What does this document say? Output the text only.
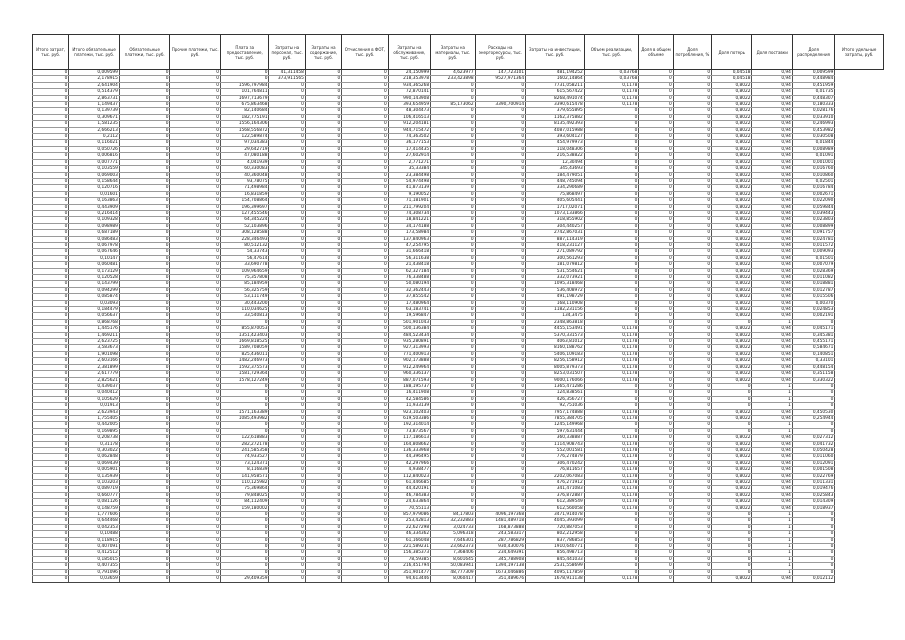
Итого затрат, тыс. руб.	Итого обязательные платежи, тыс. руб.	Обязательные платежи, тыс. руб.	Прочие платежи, тыс. руб.	Плата за предоставление, тыс. руб.	Затраты на персонал, тыс. руб.	Затраты на содержание, тыс. руб.	Отчисления в ФОТ, тыс. руб.	Затраты на обслуживание, тыс. руб.	Затраты на материалы, тыс. руб.	Расходы на энергоресурсы, тыс. руб.	Затраты на инвестиции, тыс. руб.	Объем реализации, тыс. руб.	Доля в общем объеме	Доля потребления, %	Доля потерь	Доля поставки	Доля распределения	Итого удельные затраты, руб.
0	0,009599	0	0	0	41,311458	0	0	24,150999	4,623977	147,723101	481,194252	0,03768	0	0	0,04518	0,94	0,009599	
0	2,178915	0	0	0	373,911565	0	0	218,353978	233,423898	9527,971364	1602,14864	0,03768	0	0	0,04518	0,94	0,448984	
0	2,641904	0	0	1596,797984	0	0	0	934,365268	0	0	7731,058211	0,1178	0	0	0,8022	0,94	0,451959	
0	0,514379	0	0	101,764811	0	0	0	72,870141	0	0	615,567422	0,1178	0	0	0,8022	0,94	0,01735	
0	2,863731	0	0	1697,713679	0	0	0	990,143908	0	0	8268,491074	0,1178	0	0	0,8022	0,94	0,448307	
0	1,149437	0	0	675,863468	0	0	0	393,654959	85,173062	3390,700914	3390,615478	0,1178	0	0	0,8022	0,94	0,180333	
0	0,139739	0	0	82,140684	0	0	0	48,304473	0	0	379,655895	0	0	0	0,8022	0,94	0,028176	
0	0,309671	0	0	182,775191	0	0	0	106,416513	0	0	1162,375882	0	0	0	0,8022	0,94	0,033910	
0	1,581235	0	0	1556,164306	0	0	0	912,204181	0	0	8135,492393	0	0	0	0,8022	0,94	0,246993	
0	2,666213	0	0	1568,556872	0	0	0	944,715472	0	0	4087,015988	0	0	0	0,8022	0,94	0,453982	
0	0,2112	0	0	122,589874	0	0	0	74,363502	0	0	393,604127	0	0	0	0,8022	0,94	0,030508	
0	0,116021	0	0	97,034383	0	0	0	36,177153	0	0	454,979973	0	0	0	0,8022	0,94	0,01844	
0	0,050726	0	0	29,642719	0	0	0	17,414435	0	0	118,048306	0	0	0	0,8022	0,94	0,008989	
0	0,006816	0	0	47,080188	0	0	0	27,602914	0	0	216,538822	0	0	0	0,8022	0,94	0,01091	
0	0,007771	0	0	4,041939	0	0	0	2,771271	0	0	12,30494	0	0	0	0,8022	0,94	0,001001	
0	0,103559	0	0	60,330083	0	0	0	35,33384	0	0	345,43693	0	0	0	0,8022	0,94	0,016760	
0	0,069003	0	0	40,360048	0	0	0	23,384498	0	0	184,479051	0	0	0	0,8022	0,94	0,010860	
0	0,158644	0	0	93,78075	0	0	0	54,974498	0	0	448,745094	0	0	0	0,8022	0,94	0,02501	
0	0,120716	0	0	71,498984	0	0	0	41,873139	0	0	334,290689	0	0	0	0,8022	0,94	0,016784	
0	0,01601	0	0	16,831859	0	0	0	9,190052	0	0	75,868497	0	0	0	0,8022	0,94	0,002671	
0	0,163863	0	0	154,708864	0	0	0	71,181901	0	0	405,605441	0	0	0	0,8022	0,94	0,022090	
0	0,443909	0	0	196,399697	0	0	0	211,799204	0	0	1717,02071	0	0	0	0,8022	0,94	0,059844	
0	0,216414	0	0	127,455546	0	0	0	74,308734	0	0	1073,133866	0	0	0	0,8022	0,94	0,039443	
0	0,109328	0	0	64,345224	0	0	0	18,841221	0	0	318,855902	0	0	0	0,8022	0,94	0,023803	
0	0,098989	0	0	52,103896	0	0	0	34,174188	0	0	304,440257	0	0	0	0,8022	0,94	0,008899	
0	0,687189	0	0	308,128588	0	0	0	173,58984	0	0	2742,867031	0	0	0	0,8022	0,94	0,091757	
0	0,086483	0	0	228,346493	0	0	0	137,840963	0	0	887,114319	0	0	0	0,8022	0,94	0,024781	
0	0,067978	0	0	80,512132	0	0	0	47,254795	0	0	418,231127	0	0	0	0,8022	0,94	0,011572	
0	0,067646	0	0	54,33743	0	0	0	31,666418	0	0	271,089792	0	0	0	0,8022	0,94	0,009093	
0	0,10147	0	0	56,47614	0	0	0	56,311638	0	0	300,561293	0	0	0	0,8022	0,94	0,01501	
0	0,060481	0	0	33,690778	0	0	0	21,438418	0	0	181,079812	0	0	0	0,8022	0,94	0,007079	
0	0,173129	0	0	109,964659	0	0	0	62,327184	0	0	531,554621	0	0	0	0,8022	0,94	0,028369	
0	0,120528	0	0	75,357808	0	0	0	76,338488	0	0	332,073921	0	0	0	0,8022	0,94	0,011082	
0	0,143799	0	0	85,184959	0	0	0	50,080194	0	0	1095,318468	0	0	0	0,8022	0,94	0,018881	
0	0,094299	0	0	56,325759	0	0	0	32,362443	0	0	536,408972	0	0	0	0,8022	0,94	0,012787	
0	0,085874	0	0	53,111749	0	0	0	37,855542	0	0	491,198729	0	0	0	0,8022	0,94	0,015506	
0	0,03093	0	0	30,443200	0	0	0	17,480964	0	0	168,110908	0	0	0	0,8022	0,94	0,00370	
0	0,184479	0	0	110,034625	0	0	0	63,183741	0	0	1182,231156	0	0	0	0,8022	0,94	0,024853	
0	0,056637	0	0	33,540813	0	0	0	19,596847	0	0	134,3475	0	0	0	0,8022	0,94	0,002191	
0	0,868768	0	0	0	0	0	0	501,901043	0	0	2348,863818	0	0	0	0	1	0	
0	1,445176	0	0	855,870053	0	0	0	500,136384	0	0	4455,153491	0,1178	0	0	0,8022	0,94	0,045171	
0	1,469211	0	0	1351,423403	0	0	0	484,523434	0	0	5370,331573	0,1178	0	0	0,8022	0,94	0,345381	
0	2,623725	0	0	1669,818525	0	0	0	935,280891	0	0	4063,81012	0,1178	0	0	0,8022	0,94	0,455171	
0	3,583673	0	0	1589,708059	0	0	0	927,313993	0	0	8160,188762	0,1178	0	0	0,8022	0,94	0,584671	
0	1,901098	0	0	825,436011	0	0	0	771,400913	0	0	5406,109183	0,1178	0	0	0,8022	0,94	0,140851	
0	2,603166	0	0	1482,246973	0	0	0	902,173888	0	0	8256,158912	0,1178	0	0	0,8022	0,94	0,33101	
0	2,381899	0	0	1592,375573	0	0	0	912,249964	0	0	8005,879373	0,1178	0	0	0,8022	0,94	0,448154	
0	2,617779	0	0	1581,729364	0	0	0	960,336137	0	0	8253,031507	0,1178	0	0	0,8022	0,94	0,351158	
0	2,825621	0	0	1578,127249	0	0	0	887,071593	0	0	9000,176066	0,1178	0	0	0,8022	0,94	0,330322	
0	0,439037	0	0	0	0	0	0	188,195737	0	0	1365,471286	0	0	0	0	1	0	
0	0,040412	0	0	0	0	0	0	16,411908	0	0	124,838561	0	0	0	0	1	0	
0	0,105629	0	0	0	0	0	0	42,584586	0	0	426,356727	0	0	0	0	1	0	
0	0,01913	0	0	0	0	0	0	11,933139	0	0	92,751036	0	0	0	0	1	0	
0	2,623943	0	0	1571,163389	0	0	0	923,102403	0	0	7957,174888	0,1178	0	0	0,8022	0,94	0,450530	
0	1,755405	0	0	1085,493982	0	0	0	619,503386	0	0	7855,384705	0,1178	0	0	0,8022	0,94	0,254944	
0	0,442005	0	0	0	0	0	0	192,314014	0	0	1245,149968	0	0	0	0	1	0	
0	0,169895	0	0	0	0	0	0	73,873567	0	0	597,631444	0	0	0	0	1	0	
0	0,208738	0	0	122,618883	0	0	0	117,186613	0	0	360,338887	0,1178	0	0	0,8022	0,94	0,027312	
0	0,31178	0	0	282,272178	0	0	0	164,808662	0	0	1114,908743	0,1178	0	0	0,8022	0,94	0,041732	
0	0,303022	0	0	241,585358	0	0	0	136,333968	0	0	552,001581	0,1178	0	0	0,8022	0,94	0,050428	
0	0,062848	0	0	74,933527	0	0	0	44,396495	0	0	776,274879	0,1178	0	0	0,8022	0,94	0,011060	
0	0,069439	0	0	73,124371	0	0	0	42,297966	0	0	306,470242	0,1178	0	0	0,8022	0,94	0,012091	
0	0,005901	0	0	8,116839	0	0	0	4,938477	0	0	76,811657	0,1178	0	0	0,8022	0,94	0,001508	
0	0,135939	0	0	141,958571	0	0	0	112,840023	0	0	2202,067083	0,1178	0	0	0,8022	0,94	0,022769	
0	0,103203	0	0	110,125982	0	0	0	61,446685	0	0	476,271912	0,1178	0	0	0,8022	0,94	0,011331	
0	0,089719	0	0	75,369864	0	0	0	44,420191	0	0	341,471083	0,1178	0	0	0,8022	0,94	0,019476	
0	0,660777	0	0	79,848025	0	0	0	46,784383	0	0	376,872887	0,1178	0	0	0,8022	0,94	0,025843	
0	0,081126	0	0	84,112409	0	0	0	24,633864	0	0	612,389549	0,1178	0	0	0,8022	0,94	0,014309	
0	0,148759	0	0	159,180002	0	0	0	70,55113	0	0	612,560058	0,1178	0	0	0,8022	0,94	0,018937	
0	1,777606	0	0	0	0	0	0	857,979086	84,17803	4096,197368	3471,914078	0	0	0	0	1	0	
0	0,644468	0	0	0	0	0	0	253,42813	32,232883	1481,489718	4045,393099	0	0	0	0	1	0	
0	0,042353	0	0	0	0	0	0	22,627298	3,024733	168,873888	720,887053	0	0	0	0	1	0	
0	0,10488	0	0	0	0	0	0	46,334362	5,096318	243,583317	802,212958	0	0	0	0	1	0	
0	0,118915	0	0	0	0	0	0	61,166048	7,646301	287,786829	837,786853	0	0	0	0	1	0	
0	0,407091	0	0	0	0	0	0	221,589231	23,662373	930,430076	1910,640771	0	0	0	0	1	0	
0	0,412512	0	0	0	0	0	0	156,385373	7,368406	234,649391	856,498713	0	0	0	0	1	0	
0	0,185015	0	0	0	0	0	0	78,59385	8,601645	345,788908	845,441033	0	0	0	0	1	0	
0	0,407355	0	0	0	0	0	0	216,451794	50,083941	1394,197138	2531,558699	0	0	0	0	1	0	
0	0,791096	0	0	0	0	0	0	351,901477	48,777309	1673,046886	4095,117859	0	0	0	0	1	0	
0	0,03659	0	0	29,409359	0	0	0	94,613446	8,060417	351,489676	1678,911138	0,1178	0	0	0,8022	0,94	0,012112	
